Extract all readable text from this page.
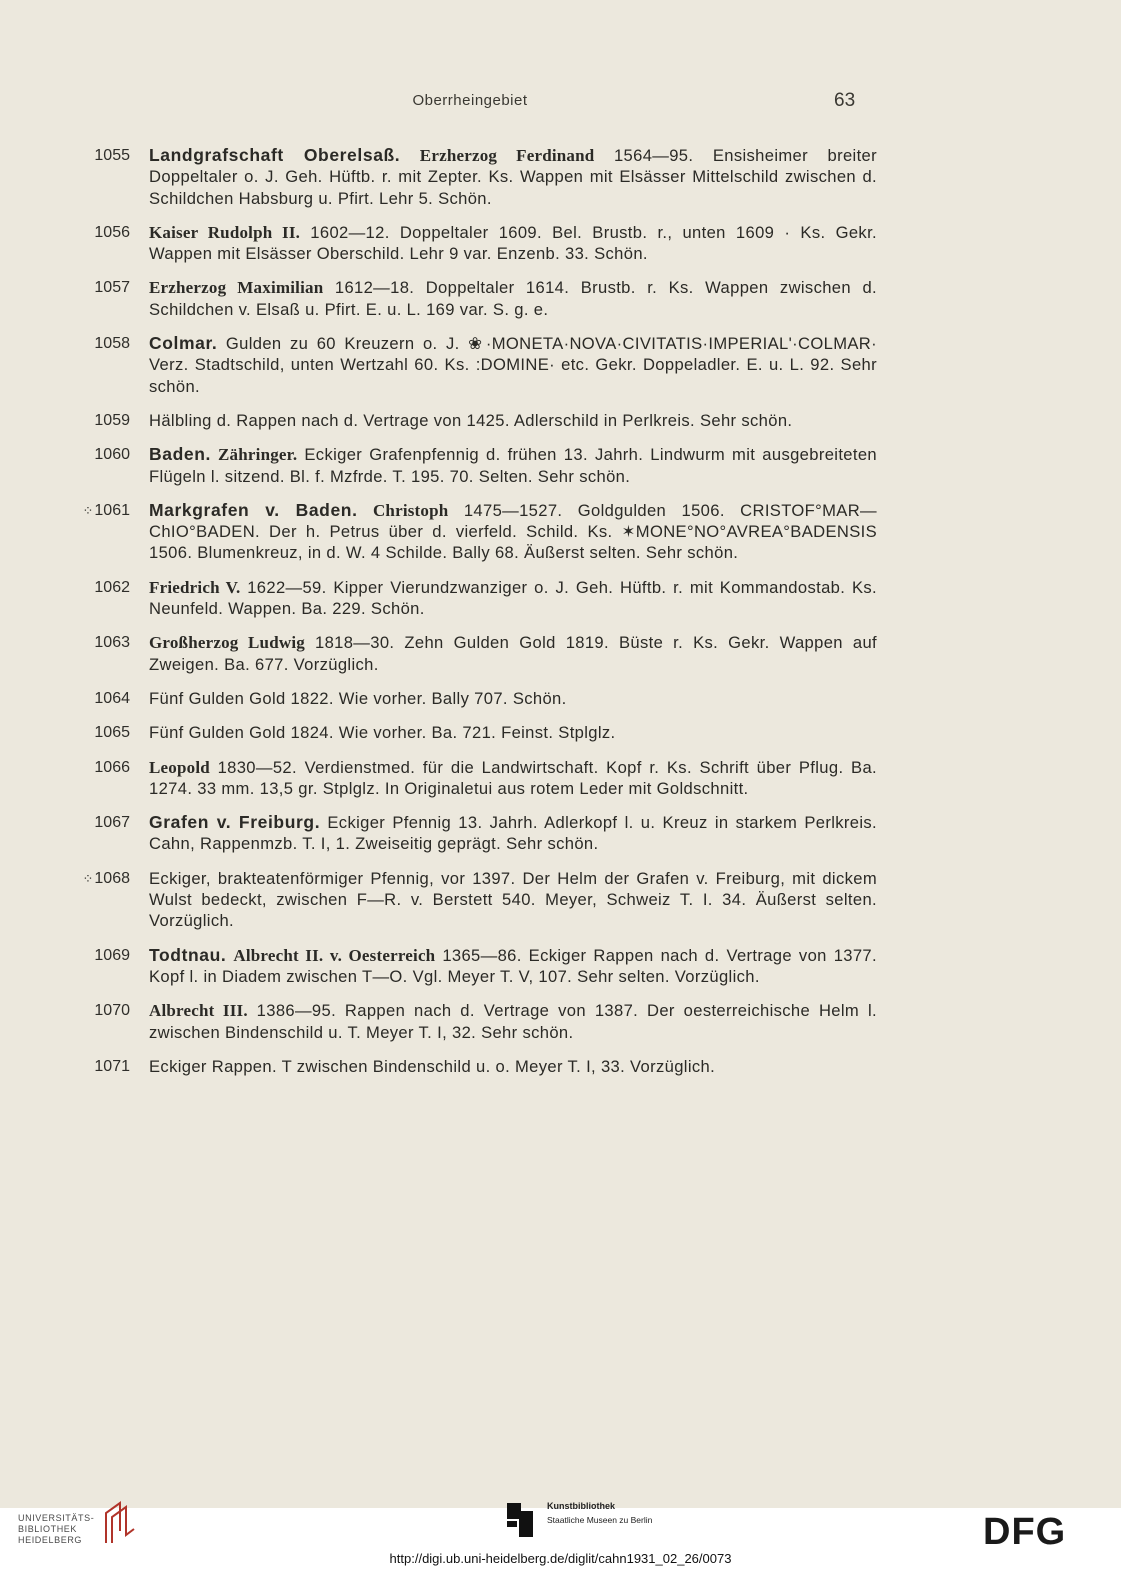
Oberrheingebiet	63
1055 Landgrafschaft Oberelsaß. Erzherzog Ferdinand 1564—95. Ensisheimer breiter Doppeltaler o. J. Geh. Hüftb. r. mit Zepter. Ks. Wappen mit Elsässer Mittelschild zwischen d. Schildchen Habsburg u. Pfirt. Lehr 5. Schön.
1056 Kaiser Rudolph II. 1602—12. Doppeltaler 1609. Bel. Brustb. r., unten 1609 · Ks. Gekr. Wappen mit Elsässer Oberschild. Lehr 9 var. Enzenb. 33. Schön.
1057 Erzherzog Maximilian 1612—18. Doppeltaler 1614. Brustb. r. Ks. Wappen zwischen d. Schildchen v. Elsaß u. Pfirt. E. u. L. 169 var. S. g. e.
1058 Colmar. Gulden zu 60 Kreuzern o. J. ❀·MONETA·NOVA·CIVITATIS·IMPERIAL'·COLMAR· Verz. Stadtschild, unten Wertzahl 60. Ks. :DOMINE· etc. Gekr. Doppeladler. E. u. L. 92. Sehr schön.
1059 Hälbling d. Rappen nach d. Vertrage von 1425. Adlerschild in Perlkreis. Sehr schön.
1060 Baden. Zähringer. Eckiger Grafenpfennig d. frühen 13. Jahrh. Lindwurm mit ausgebreiteten Flügeln l. sitzend. Bl. f. Mzfrde. T. 195. 70. Selten. Sehr schön.
⁘1061 Markgrafen v. Baden. Christoph 1475—1527. Goldgulden 1506. CRISTOF°MAR—ChIO°BADEN. Der h. Petrus über d. vierfeld. Schild. Ks. ✶MONE°NO°AVREA°BADENSIS 1506. Blumenkreuz, in d. W. 4 Schilde. Bally 68. Äußerst selten. Sehr schön.
1062 Friedrich V. 1622—59. Kipper Vierundzwanziger o. J. Geh. Hüftb. r. mit Kommandostab. Ks. Neunfeld. Wappen. Ba. 229. Schön.
1063 Großherzog Ludwig 1818—30. Zehn Gulden Gold 1819. Büste r. Ks. Gekr. Wappen auf Zweigen. Ba. 677. Vorzüglich.
1064 Fünf Gulden Gold 1822. Wie vorher. Bally 707. Schön.
1065 Fünf Gulden Gold 1824. Wie vorher. Ba. 721. Feinst. Stplglz.
1066 Leopold 1830—52. Verdienstmed. für die Landwirtschaft. Kopf r. Ks. Schrift über Pflug. Ba. 1274. 33 mm. 13,5 gr. Stplglz. In Originaletui aus rotem Leder mit Goldschnitt.
1067 Grafen v. Freiburg. Eckiger Pfennig 13. Jahrh. Adlerkopf l. u. Kreuz in starkem Perlkreis. Cahn, Rappenmzb. T. I, 1. Zweiseitig geprägt. Sehr schön.
⁘1068 Eckiger, brakteatenförmiger Pfennig, vor 1397. Der Helm der Grafen v. Freiburg, mit dickem Wulst bedeckt, zwischen F—R. v. Berstett 540. Meyer, Schweiz T. I. 34. Äußerst selten. Vorzüglich.
1069 Todtnau. Albrecht II. v. Oesterreich 1365—86. Eckiger Rappen nach d. Vertrage von 1377. Kopf l. in Diadem zwischen T—O. Vgl. Meyer T. V, 107. Sehr selten. Vorzüglich.
1070 Albrecht III. 1386—95. Rappen nach d. Vertrage von 1387. Der oesterreichische Helm l. zwischen Bindenschild u. T. Meyer T. I, 32. Sehr schön.
1071 Eckiger Rappen. T zwischen Bindenschild u. o. Meyer T. I, 33. Vorzüglich.
UNIVERSITÄTS-
BIBLIOTHEK
HEIDELBERG
Kunstbibliothek
Staatliche Museen zu Berlin	DFG
http://digi.ub.uni-heidelberg.de/diglit/cahn1931_02_26/0073
